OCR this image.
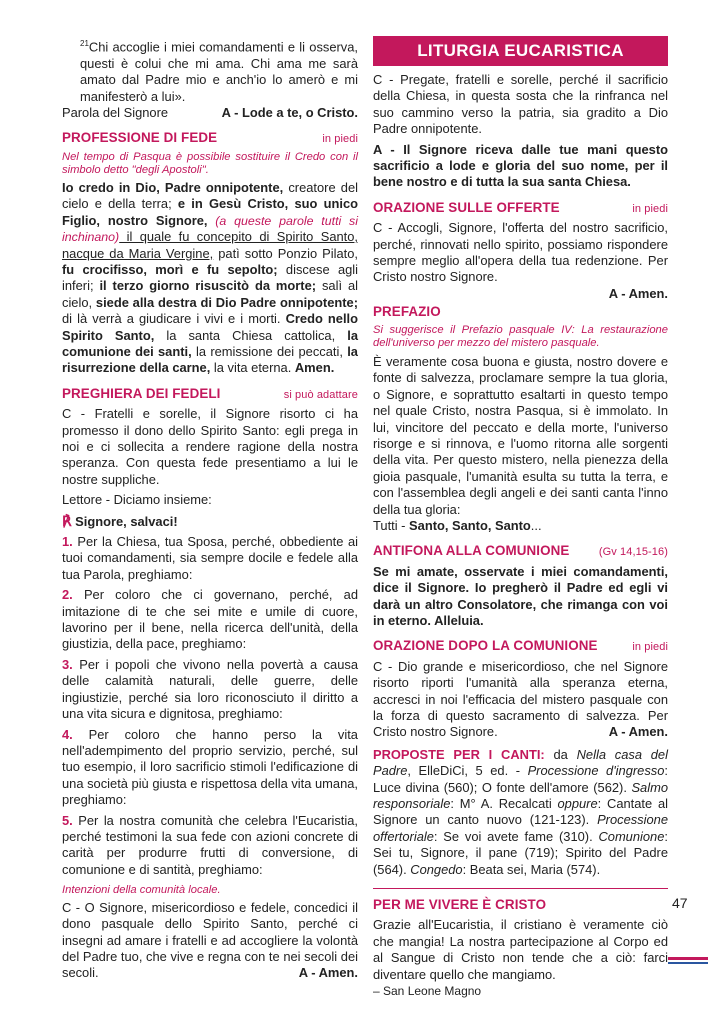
$^{21}$Chi accoglie i miei comandamenti e li osserva, questi è colui che mi ama. Chi ama me sarà amato dal Padre mio e anch'io lo amerò e mi manifesterò a lui».

Parola del Signore	A - Lode a te, o Cristo.
PROFESSIONE DI FEDE	in piedi

Nel tempo di Pasqua è possibile sostituire il Credo con il simbolo detto "degli Apostoli".

Io credo in Dio, Padre onnipotente, creatore del cielo e della terra; e in Gesù Cristo, suo unico Figlio, nostro Signore, (a queste parole tutti si inchinano) il quale fu concepito di Spirito Santo, nacque da Maria Vergine, patì sotto Ponzio Pilato, fu crocifisso, morì e fu sepolto; discese agli inferi; il terzo giorno risuscitò da morte; salì al cielo, siede alla destra di Dio Padre onnipotente; di là verrà a giudicare i vivi e i morti. Credo nello Spirito Santo, la santa Chiesa cattolica, la comunione dei santi, la remissione dei peccati, la risurrezione della carne, la vita eterna. Amen.

PREGHIERA DEI FEDELI	si può adattare

C - Fratelli e sorelle, il Signore risorto ci ha promesso il dono dello Spirito Santo: egli prega in noi e ci sollecita a rendere ragione della nostra speranza. Con questa fede presentiamo a lui le nostre suppliche.

Lettore - Diciamo insieme:

℟ Signore, salvaci!

1. Per la Chiesa, tua Sposa, perché, obbediente ai tuoi comandamenti, sia sempre docile e fedele alla tua Parola, preghiamo:

2. Per coloro che ci governano, perché, ad imitazione di te che sei mite e umile di cuore, lavorino per il bene, nella ricerca dell'unità, della giustizia, della pace, preghiamo:

3. Per i popoli che vivono nella povertà a causa delle calamità naturali, delle guerre, delle ingiustizie, perché sia loro riconosciuto il diritto a una vita sicura e dignitosa, preghiamo:

4. Per coloro che hanno perso la vita nell'adempimento del proprio servizio, perché, sul tuo esempio, il loro sacrificio stimoli l'edificazione di una società più giusta e rispettosa della vita umana, preghiamo:

5. Per la nostra comunità che celebra l'Eucaristia, perché testimoni la sua fede con azioni concrete di carità per produrre frutti di conversione, di comunione e di santità, preghiamo:

Intenzioni della comunità locale.

C - O Signore, misericordioso e fedele, concedici il dono pasquale dello Spirito Santo, perché ci insegni ad amare i fratelli e ad accogliere la volontà del Padre tuo, che vive e regna con te nei secoli dei secoli.	A - Amen.

LITURGIA EUCARISTICA

C - Pregate, fratelli e sorelle, perché il sacrificio della Chiesa, in questa sosta che la rinfranca nel suo cammino verso la patria, sia gradito a Dio Padre onnipotente.

A - Il Signore riceva dalle tue mani questo sacrificio a lode e gloria del suo nome, per il bene nostro e di tutta la sua santa Chiesa.

ORAZIONE SULLE OFFERTE	in piedi

C - Accogli, Signore, l'offerta del nostro sacrificio, perché, rinnovati nello spirito, possiamo rispondere sempre meglio all'opera della tua redenzione. Per Cristo nostro Signore.

A - Amen.

PREFAZIO

Si suggerisce il Prefazio pasquale IV: La restaurazione dell'universo per mezzo del mistero pasquale.

È veramente cosa buona e giusta, nostro dovere e fonte di salvezza, proclamare sempre la tua gloria, o Signore, e soprattutto esaltarti in questo tempo nel quale Cristo, nostra Pasqua, si è immolato. In lui, vincitore del peccato e della morte, l'universo risorge e si rinnova, e l'uomo ritorna alle sorgenti della vita. Per questo mistero, nella pienezza della gioia pasquale, l'umanità esulta su tutta la terra, e con l'assemblea degli angeli e dei santi canta l'inno della tua gloria:

Tutti - Santo, Santo, Santo...

ANTIFONA ALLA COMUNIONE	(Gv 14,15-16)

Se mi amate, osservate i miei comandamenti, dice il Signore. Io pregherò il Padre ed egli vi darà un altro Consolatore, che rimanga con voi in eterno. Alleluia.

ORAZIONE DOPO LA COMUNIONE	in piedi

C - Dio grande e misericordioso, che nel Signore risorto riporti l'umanità alla speranza eterna, accresci in noi l'efficacia del mistero pasquale con la forza di questo sacramento di salvezza. Per Cristo nostro Signore.	A - Amen.

PROPOSTE PER I CANTI: da Nella casa del Padre, ElleDiCi, 5 ed. - Processione d'ingresso: Luce divina (560); O fonte dell'amore (562). Salmo responsoriale: M° A. Recalcati oppure: Cantate al Signore un canto nuovo (121-123). Processione offertoriale: Se voi avete fame (310). Comunione: Sei tu, Signore, il pane (719); Spirito del Padre (564). Congedo: Beata sei, Maria (574).

PER ME VIVERE È CRISTO

Grazie all'Eucaristia, il cristiano è veramente ciò che mangia! La nostra partecipazione al Corpo ed al Sangue di Cristo non tende che a ciò: farci diventare quello che mangiamo.

– San Leone Magno

47
